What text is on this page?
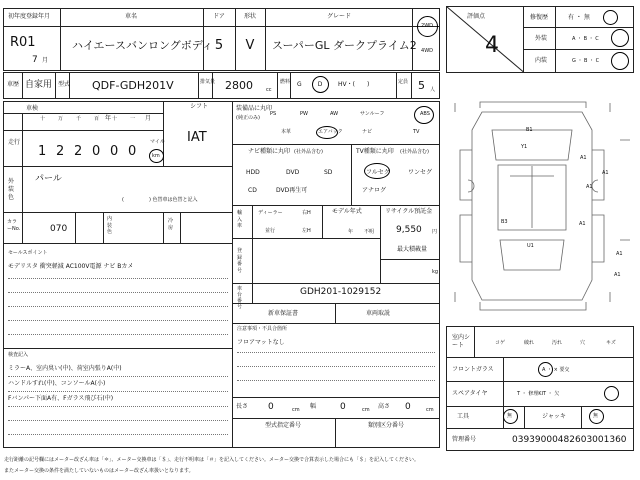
初年度登録年月	車名	ドア	形状	グレード
R01
7 月
ハイエースバンロングボディ 5 V スーパーGL ダークプライム2
2WD
4WD
車歴 自家用 型式 QDF-GDH201V	排気量 2800	cc
燃料 G	D	HV・(　　)	定員 5 人
車検
年	月
走行
十	万	千	百	十	一
1 2 2 0 0 0
マイル
km
シフト
IAT
装備品に丸印
(純正のみ)
PS	PW	AW	サンルーフ	ABS
本革	エアバック	ナビ	TV
ナビ種類に丸印 (社外品含む)
HDD	DVD	SD
CD	DVD再生可
TV種類に丸印 (社外品含む)
フルセグ	ワンセグ
アナログ
外装色
パール
(　　　　　) 色替車は色替と記入
カラーNo.	070
内装色
冷房
輸入車
ディーラー
並行
右H
左H
モデル年式
年 不明
リサイクル預託金
9,550 円
最大積載量
kg
登録番号
車台番号
GDH201-1029152
新車保証書	車両取説
注意事項・不具合箇所
フロアマットなし
セールスポイント
モデリスタ 衝突軽減 AC100V電源 ナビ Bカメ
検査記入
ミラーA、室内臭い(中)、荷室内張りA(中)
ハンドルすれ(中)、コンソールA(小)
Fバンパー下面A有、Fガラス飛び石(中)
長さ 0	cm 幅	0	cm 高さ 0	cm
型式指定番号	類別区分番号
評価点
4
修復歴	有 ・ 無
外装	A ・ B ・ C
内装	G ・ B ・ C
B1
Y1
A1
A1
A1
A1
A1
A1
B3
U1
室内シート	コゲ	破れ	汚れ	穴	キズ
フロントガラス	A ・ × 要交
スペアタイヤ	T ・ 修理KIT ・ 欠
工具	無	ジャッキ	無
管理番号	03939000482603001360
走行距離の記号欄にはメーター改ざん車は「＊」、メーター交換車は「＄」、走行不明車は「＃」を記入してください。メーター交換で合算表示した場合にも「＄」を記入してください。
またメーター交換の条件を満たしていないものはメーター改ざん車扱いとなります。
